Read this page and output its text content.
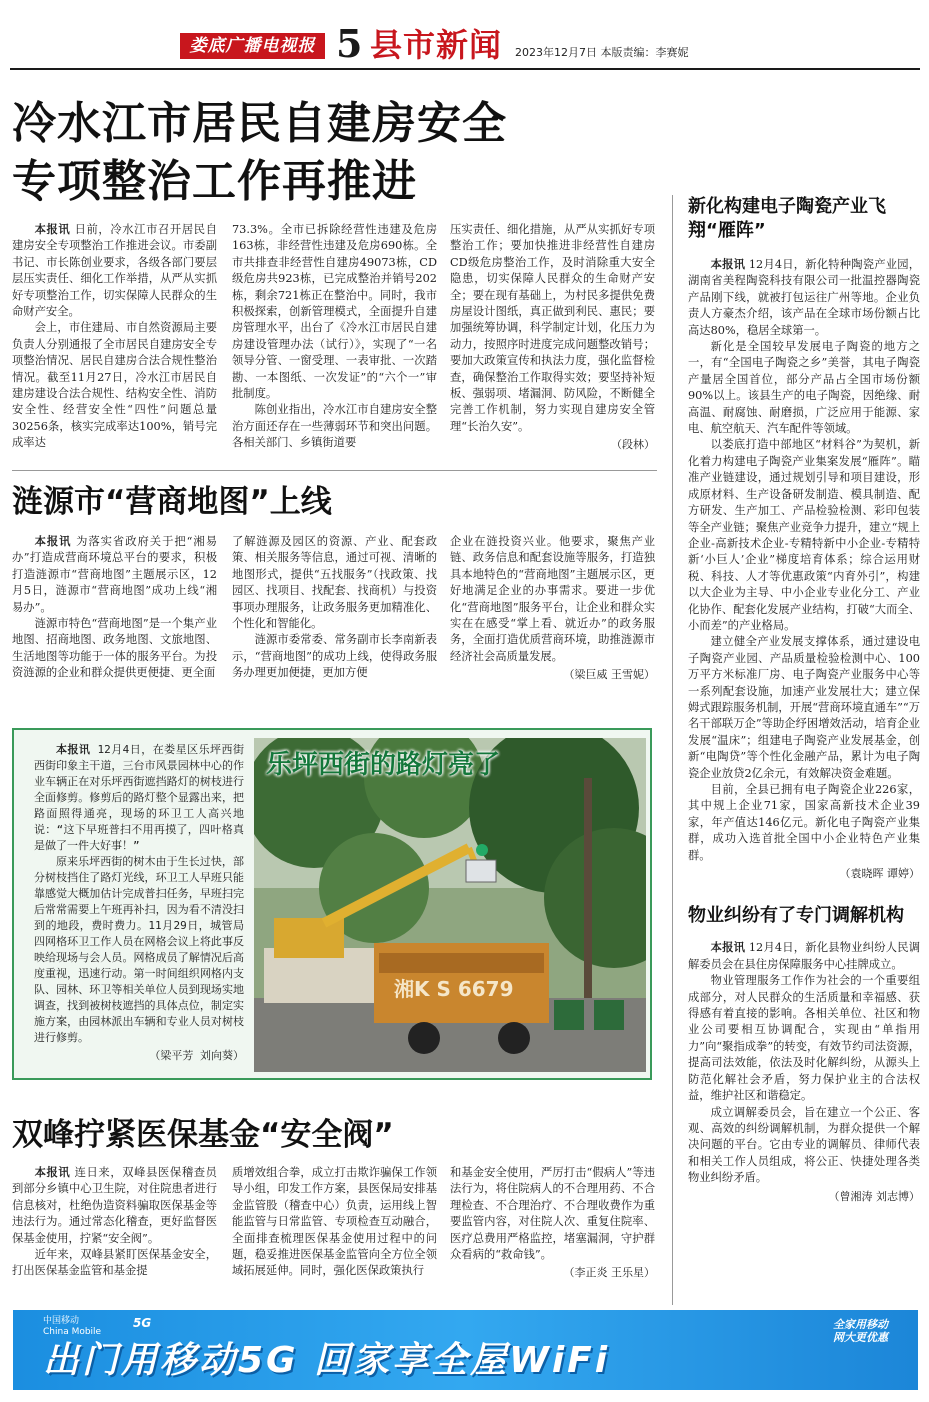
娄底广播电视报 5 县市新闻 2023年12月7日 本版责编：李赛妮
冷水江市居民自建房安全
专项整治工作再推进

本报讯 日前，冷水江市召开居民自建房安全专项整治工作推进会议。市委副书记、市长陈创业要求，各级各部门要层层压实责任、细化工作举措，从严从实抓好专项整治工作，切实保障人民群众的生命财产安全。

会上，市住建局、市自然资源局主要负责人分别通报了全市居民自建房安全专项整治情况、居民自建房合法合规性整治情况。截至11月27日，冷水江市居民自建房建设合法合规性、结构安全性、消防安全性、经营安全性“四性”问题总量30256条，核实完成率达100%，销号完成率达

73.3%。全市已拆除经营性违建及危房163栋，非经营性违建及危房690栋。全市共排查非经营性自建房49073栋，CD级危房共923栋，已完成整治并销号202栋，剩余721栋正在整治中。同时，我市积极探索，创新管理模式，全面提升自建房管理水平，出台了《冷水江市居民自建房建设管理办法（试行）》，实现了“一名领导分管、一窗受理、一表审批、一次踏勘、一本图纸、一次发证”的“六个一”审批制度。

陈创业指出，冷水江市自建房安全整治方面还存在一些薄弱环节和突出问题。各相关部门、乡镇街道要

压实责任、细化措施，从严从实抓好专项整治工作；要加快推进非经营性自建房CD级危房整治工作，及时消除重大安全隐患，切实保障人民群众的生命财产安全；要在现有基础上，为村民多提供免费房屋设计图纸，真正做到利民、惠民；要加强统筹协调，科学制定计划，化压力为动力，按照序时进度完成问题整改销号；要加大政策宣传和执法力度，强化监督检查，确保整治工作取得实效；要坚持补短板、强弱项、堵漏洞、防风险，不断健全完善工作机制，努力实现自建房安全管理“长治久安”。

（段林）
涟源市“营商地图”上线

本报讯 为落实省政府关于把“湘易办”打造成营商环境总平台的要求，积极打造涟源市“营商地图”主题展示区，12月5日，涟源市“营商地图”成功上线“湘易办”。

涟源市特色“营商地图”是一个集产业地图、招商地图、政务地图、文旅地图、生活地图等功能于一体的服务平台。为投资涟源的企业和群众提供更便捷、更全面

了解涟源及园区的资源、产业、配套政策、相关服务等信息，通过可视、清晰的地图形式，提供“五找服务”（找政策、找园区、找项目、找配套、找商机）与投资事项办理服务，让政务服务更加精准化、个性化和智能化。

涟源市委常委、常务副市长李南新表示，“营商地图”的成功上线，使得政务服务办理更加便捷，更加方便

企业在涟投资兴业。他要求，聚焦产业链、政务信息和配套设施等服务，打造独具本地特色的“营商地图”主题展示区，更好地满足企业的办事需求。要进一步优化“营商地图”服务平台，让企业和群众实实在在感受“掌上看、就近办”的政务服务，全面打造优质营商环境，助推涟源市经济社会高质量发展。

（梁巨威 王雪妮）

本报讯 12月4日，在娄星区乐坪西街西街印象主干道，三台市风景园林中心的作业车辆正在对乐坪西街遮挡路灯的树枝进行全面修剪。修剪后的路灯整个显露出来，把路面照得通亮，现场的环卫工人高兴地说：“这下早班普扫不用再摸了，四叶格真是做了一件大好事！”

原来乐坪西街的树木由于生长过快，部分树枝挡住了路灯光线，环卫工人早班只能靠感觉大概加估计完成普扫任务，早班扫完后常常需要上午班再补扫，因为看不清没扫到的地段，费时费力。11月29日，城管局四网格环卫工作人员在网格会议上将此事反映给现场与会人员。网格成员了解情况后高度重视，迅速行动。第一时间组织网格内支队、园林、环卫等相关单位人员到现场实地调查，找到被树枝遮挡的具体点位，制定实施方案，由园林派出车辆和专业人员对树枝进行修剪。

（梁平芳 刘向葵）
湘K S 6679
乐坪西街的路灯亮了
双峰拧紧医保基金“安全阀”

本报讯 连日来，双峰县医保稽查员到部分乡镇中心卫生院，对住院患者进行信息核对，杜绝伪造资料骗取医保基金等违法行为。通过常态化稽查，更好监督医保基金使用，拧紧“安全阀”。

近年来，双峰县紧盯医保基金安全，打出医保基金监管和基金提

质增效组合拳，成立打击欺诈骗保工作领导小组，印发工作方案，县医保局安排基金监管股（稽查中心）负责，运用线上智能监管与日常监管、专项检查互动融合，全面排查梳理医保基金使用过程中的问题，稳妥推进医保基金监管向全方位全领域拓展延伸。同时，强化医保政策执行

和基金安全使用，严厉打击“假病人”等违法行为，将住院病人的不合理用药、不合理检查、不合理治疗、不合理收费作为重要监管内容，对住院人次、重复住院率、医疗总费用严格监控，堵塞漏洞，守护群众看病的“救命钱”。

（李正炎 王乐星）
新化构建电子陶瓷产业飞翔“雁阵”

本报讯 12月4日，新化特种陶瓷产业园，湖南省美程陶瓷科技有限公司一批温控器陶瓷产品刚下线，就被打包运往广州等地。企业负责人方豪杰介绍，该产品在全球市场份额占比高达80%，稳居全球第一。

新化是全国较早发展电子陶瓷的地方之一，有“全国电子陶瓷之乡”美誉，其电子陶瓷产量居全国首位，部分产品占全国市场份额90%以上。该县生产的电子陶瓷，因绝缘、耐高温、耐腐蚀、耐磨损，广泛应用于能源、家电、航空航天、汽车配件等领域。

以娄底打造中部地区“材料谷”为契机，新化着力构建电子陶瓷产业集案发展“雁阵”。瞄准产业链建设，通过规划引导和项目建设，形成原材料、生产设备研发制造、模具制造、配方研发、生产加工、产品检验检测、彩印包装等全产业链；聚焦产业竞争力提升，建立“规上企业-高新技术企业-专精特新中小企业-专精特新‘小巨人’企业”梯度培育体系；综合运用财税、科技、人才等优惠政策“内育外引”，构建以大企业为主导、中小企业专业化分工、产业化协作、配套化发展产业结构，打破“大而全、小而差”的产业格局。

建立健全产业发展支撑体系，通过建设电子陶瓷产业园、产品质量检验检测中心、100万平方米标准厂房、电子陶瓷产业服务中心等一系列配套设施，加速产业发展壮大；建立保姆式跟踪服务机制，开展“营商环境直通车”“万名干部联万企”等助企纾困增效活动，培育企业发展“温床”；组建电子陶瓷产业发展基金，创新“电陶贷”等个性化金融产品，累计为电子陶瓷企业放贷2亿余元，有效解决资金难题。

目前，全县已拥有电子陶瓷企业226家，其中规上企业71家，国家高新技术企业39家，年产值达146亿元。新化电子陶瓷产业集群，成功入选首批全国中小企业特色产业集群。

（袁晓晖 谭婷）
物业纠纷有了专门调解机构

本报讯 12月4日，新化县物业纠纷人民调解委员会在县住房保障服务中心挂牌成立。

物业管理服务工作作为社会的一个重要组成部分，对人民群众的生活质量和幸福感、获得感有着直接的影响。各相关单位、社区和物业公司要相互协调配合，实现由“单指用力”向“聚指成拳”的转变，有效节约司法资源，提高司法效能，依法及时化解纠纷，从源头上防范化解社会矛盾，努力保护业主的合法权益，维护社区和谐稳定。

成立调解委员会，旨在建立一个公正、客观、高效的纠纷调解机制，为群众提供一个解决问题的平台。它由专业的调解员、律师代表和相关工作人员组成，将公正、快捷处理各类物业纠纷矛盾。

（曾湘涛 刘志博）
中国移动
China Mobile
5G	全家用移动
网大更优惠
出门用移动5G 回家享全屋WiFi
